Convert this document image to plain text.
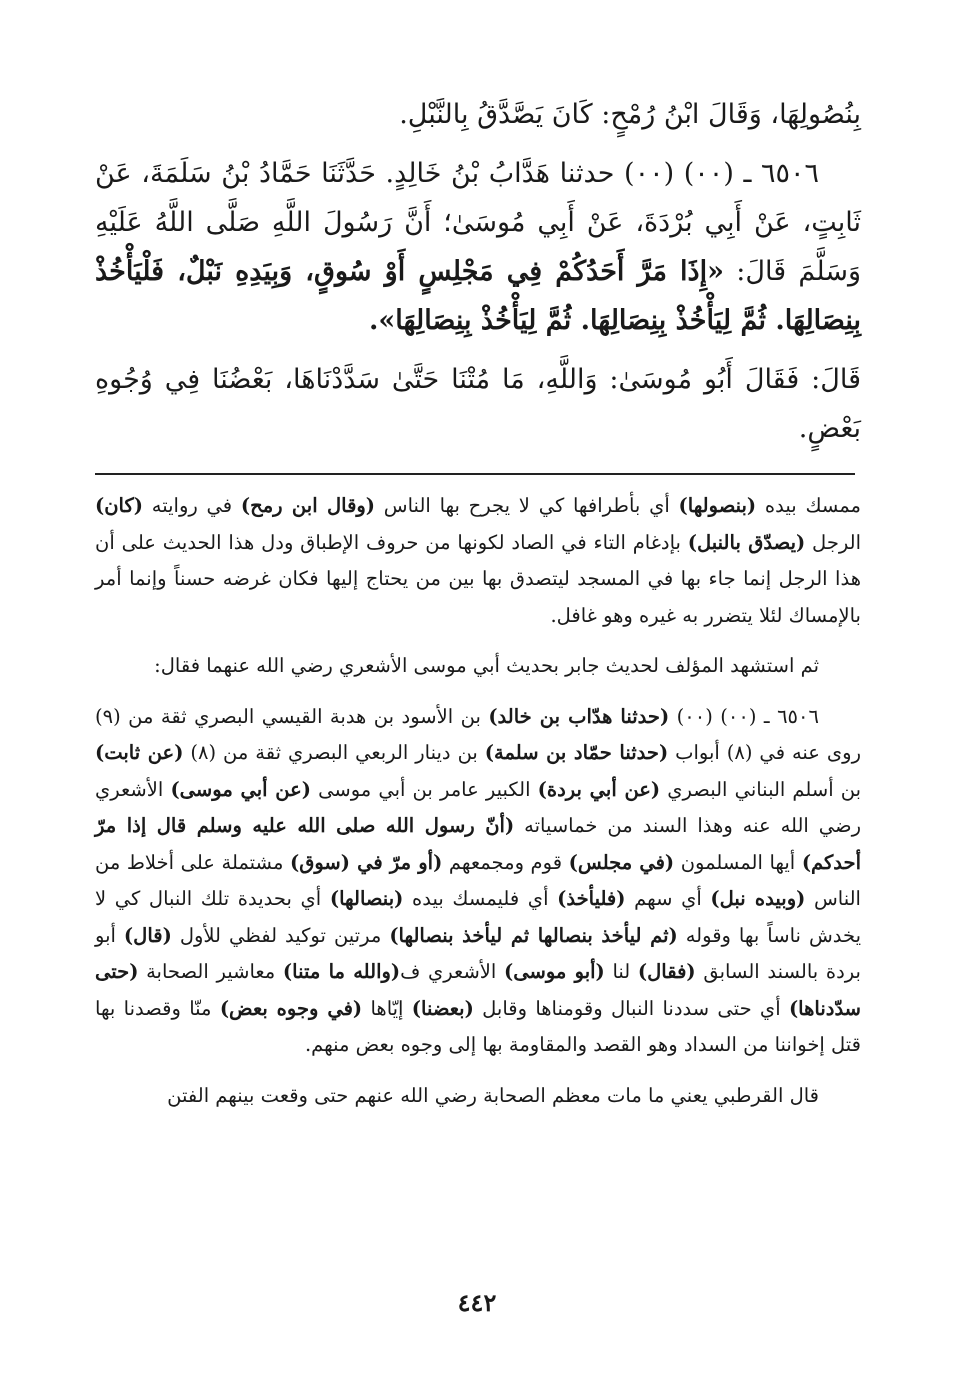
بِنُصُولِهَا، وَقَالَ ابْنُ رُمْحٍ: كَانَ يَصَّدَّقُ بِالنَّبْلِ.

٦٥٠٦ ـ (٠٠) (٠٠) حدثنا هَدَّابُ بْنُ خَالِدٍ. حَدَّثَنَا حَمَّادُ بْنُ سَلَمَةَ، عَنْ ثَابِتٍ، عَنْ أَبِي بُرْدَةَ، عَنْ أَبِي مُوسَىٰ؛ أَنَّ رَسُولَ اللَّهِ صَلَّى اللَّهُ عَلَيْهِ وَسَلَّمَ قَالَ: «إِذَا مَرَّ أَحَدُكُمْ فِي مَجْلِسٍ أَوْ سُوقٍ، وَبِيَدِهِ نَبْلٌ، فَلْيَأْخُذْ بِنِصَالِهَا. ثُمَّ لِيَأْخُذْ بِنِصَالِهَا. ثُمَّ لِيَأْخُذْ بِنِصَالِهَا».

قَالَ: فَقَالَ أَبُو مُوسَىٰ: وَاللَّهِ، مَا مُتْنَا حَتَّىٰ سَدَّدْنَاهَا، بَعْضُنَا فِي وُجُوهِ بَعْضٍ.

ممسك بيده (بنصولها) أي بأطرافها كي لا يجرح بها الناس (وقال ابن رمح) في روايته (كان) الرجل (يصدّق بالنبل) بإدغام التاء في الصاد لكونها من حروف الإطباق ودل هذا الحديث على أن هذا الرجل إنما جاء بها في المسجد ليتصدق بها بين من يحتاج إليها فكان غرضه حسناً وإنما أمر بالإمساك لئلا يتضرر به غيره وهو غافل.

ثم استشهد المؤلف لحديث جابر بحديث أبي موسى الأشعري رضي الله عنهما فقال:

٦٥٠٦ ـ (٠٠) (٠٠) (حدثنا هدّاب بن خالد) بن الأسود بن هدبة القيسي البصري ثقة من (٩) روى عنه في (٨) أبواب (حدثنا حمّاد بن سلمة) بن دينار الربعي البصري ثقة من (٨) (عن ثابت) بن أسلم البناني البصري (عن أبي بردة) الكبير عامر بن أبي موسى (عن أبي موسى) الأشعري رضي الله عنه وهذا السند من خماسياته (أنّ رسول الله صلى الله عليه وسلم قال إذا مرّ أحدكم) أيها المسلمون (في مجلس) قوم ومجمعهم (أو مرّ في (سوق) مشتملة على أخلاط من الناس (وبيده نبل) أي سهم (فليأخذ) أي فليمسك بيده (بنصالها) أي بحديدة تلك النبال كي لا يخدش ناساً بها وقوله (ثم ليأخذ بنصالها ثم ليأخذ بنصالها) مرتين توكيد لفظي للأول (قال) أبو بردة بالسند السابق (فقال) لنا (أبو موسى) الأشعري ف(والله ما متنا) معاشير الصحابة (حتى سدّدناها) أي حتى سددنا النبال وقومناها وقابل (بعضنا) إيّاها (في وجوه بعض) منّا وقصدنا بها قتل إخواننا من السداد وهو القصد والمقاومة بها إلى وجوه بعض منهم.

قال القرطبي يعني ما مات معظم الصحابة رضي الله عنهم حتى وقعت بينهم الفتن

٤٤٢
